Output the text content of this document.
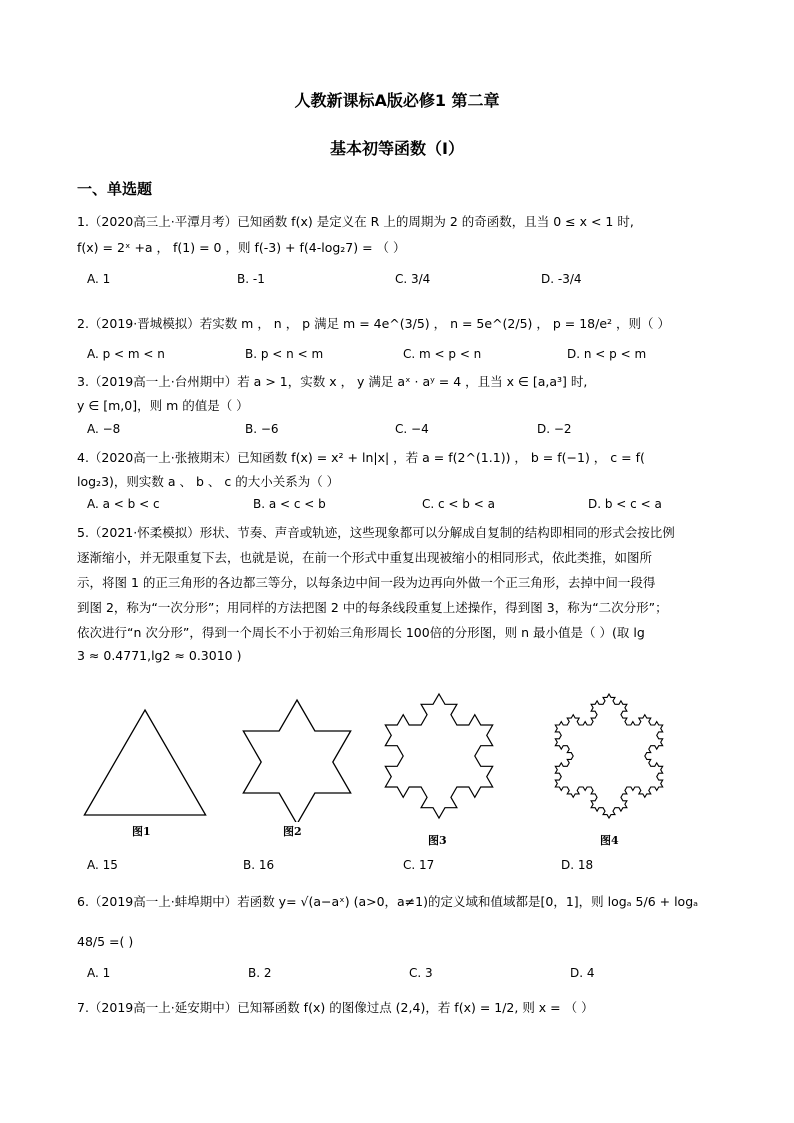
人教新课标A版必修1 第二章
基本初等函数（Ⅰ）
一、单选题
1.（2020高三上·平潭月考）已知函数 f(x) 是定义在 R 上的周期为 2 的奇函数，且当 0 ≤ x < 1 时,
f(x) = 2ˣ +a ， f(1) = 0 ，则 f(-3) + f(4-log₂7) = （ ）
A. 1	B. -1	C. 3/4	D. -3/4
2.（2019·晋城模拟）若实数 m ， n ， p 满足 m = 4e^(3/5) ， n = 5e^(2/5) ， p = 18/e² ，则（ ）
A. p < m < n	B. p < n < m	C. m < p < n	D. n < p < m
3.（2019高一上·台州期中）若 a > 1，实数 x ， y 满足 aˣ · aʸ = 4 ，且当 x ∈ [a,a³] 时,
y ∈ [m,0]，则 m 的值是（ ）
A. −8	B. −6	C. −4	D. −2
4.（2020高一上·张掖期末）已知函数 f(x) = x² + ln|x| ，若 a = f(2^(1.1)) ， b = f(−1) ， c = f(
log₂3)，则实数 a 、 b 、 c 的大小关系为（ ）
A. a < b < c	B. a < c < b	C. c < b < a	D. b < c < a
5.（2021·怀柔模拟）形状、节奏、声音或轨迹，这些现象都可以分解成自复制的结构即相同的形式会按比例
逐渐缩小，并无限重复下去，也就是说，在前一个形式中重复出现被缩小的相同形式，依此类推，如图所
示，将图 1 的正三角形的各边都三等分，以每条边中间一段为边再向外做一个正三角形，去掉中间一段得
到图 2，称为“一次分形”；用同样的方法把图 2 中的每条线段重复上述操作，得到图 3，称为“二次分形”；
依次进行“n 次分形”，得到一个周长不小于初始三角形周长 100倍的分形图，则 n 最小值是（ ）(取 lg
3 ≈ 0.4771,lg2 ≈ 0.3010 )
图1	图2
图3	图4
A. 15	B. 16	C. 17	D. 18
6.（2019高一上·蚌埠期中）若函数 y= √(a−aˣ) (a>0，a≠1)的定义域和值域都是[0，1]，则 logₐ 5/6 + logₐ
48/5 =( )
A. 1	B. 2	C. 3	D. 4
7.（2019高一上·延安期中）已知幂函数 f(x) 的图像过点 (2,4)，若 f(x) = 1/2, 则 x = （ ）
